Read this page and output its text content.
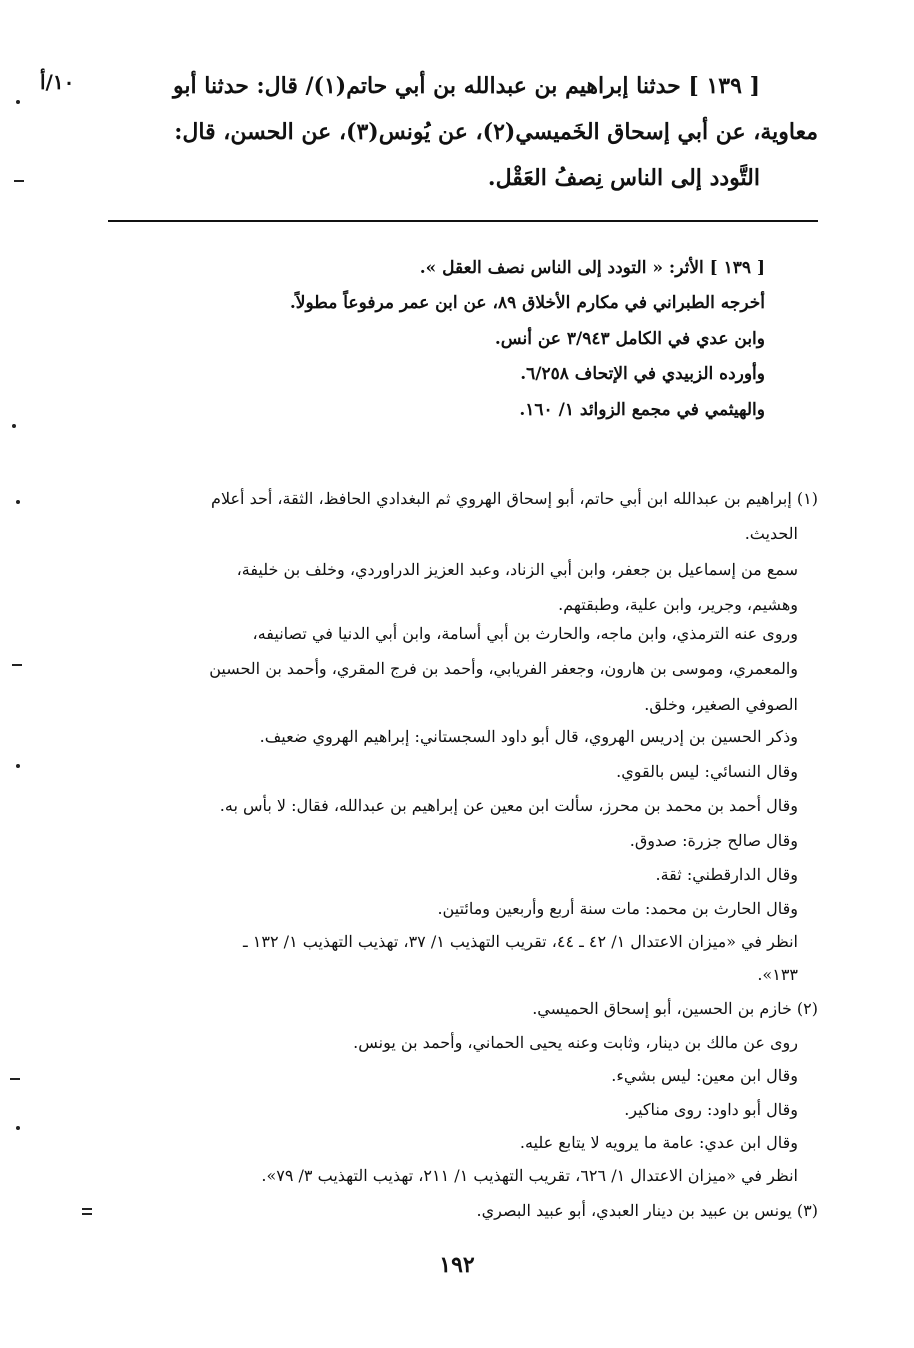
١٠/أ	[ ١٣٩ ] حدثنا إبراهيم بن عبدالله بن أبي حاتم(١)/ قال: حدثنا أبو
معاوية، عن أبي إسحاق الخَميسي(٢)، عن يُونس(٣)، عن الحسن، قال:
التَّودد إلى الناس نِصفُ العَقْل.
[ ١٣٩ ] الأثر: « التودد إلى الناس نصف العقل ».
أخرجه الطبراني في مكارم الأخلاق ٨٩، عن ابن عمر مرفوعاً مطولاً.
وابن عدي في الكامل ٣/٩٤٣ عن أنس.
وأورده الزبيدي في الإتحاف ٦/٢٥٨.
والهيثمي في مجمع الزوائد ١/ ١٦٠.
(١) إبراهيم بن عبدالله ابن أبي حاتم، أبو إسحاق الهروي ثم البغدادي الحافظ، الثقة، أحد أعلام
الحديث.
سمع من إسماعيل بن جعفر، وابن أبي الزناد، وعبد العزيز الدراوردي، وخلف بن خليفة،
وهشيم، وجرير، وابن علية، وطبقتهم.
وروى عنه الترمذي، وابن ماجه، والحارث بن أبي أسامة، وابن أبي الدنيا في تصانيفه،
والمعمري، وموسى بن هارون، وجعفر الفريابي، وأحمد بن فرج المقري، وأحمد بن الحسين
الصوفي الصغير، وخلق.
وذكر الحسين بن إدريس الهروي، قال أبو داود السجستاني: إبراهيم الهروي ضعيف.
وقال النسائي: ليس بالقوي.
وقال أحمد بن محمد بن محرز، سألت ابن معين عن إبراهيم بن عبدالله، فقال: لا بأس به.
وقال صالح جزرة: صدوق.
وقال الدارقطني: ثقة.
وقال الحارث بن محمد: مات سنة أربع وأربعين ومائتين.
انظر في «ميزان الاعتدال ١/ ٤٢ ـ ٤٤، تقريب التهذيب ١/ ٣٧، تهذيب التهذيب ١/ ١٣٢ ـ
١٣٣».
(٢) خازم بن الحسين، أبو إسحاق الحميسي.
روى عن مالك بن دينار، وثابت وعنه يحيى الحماني، وأحمد بن يونس.
وقال ابن معين: ليس بشيء.
وقال أبو داود: روى مناكير.
وقال ابن عدي: عامة ما يرويه لا يتابع عليه.
انظر في «ميزان الاعتدال ١/ ٦٢٦، تقريب التهذيب ١/ ٢١١، تهذيب التهذيب ٣/ ٧٩».
(٣) يونس بن عبيد بن دينار العبدي، أبو عبيد البصري.
١٩٢
